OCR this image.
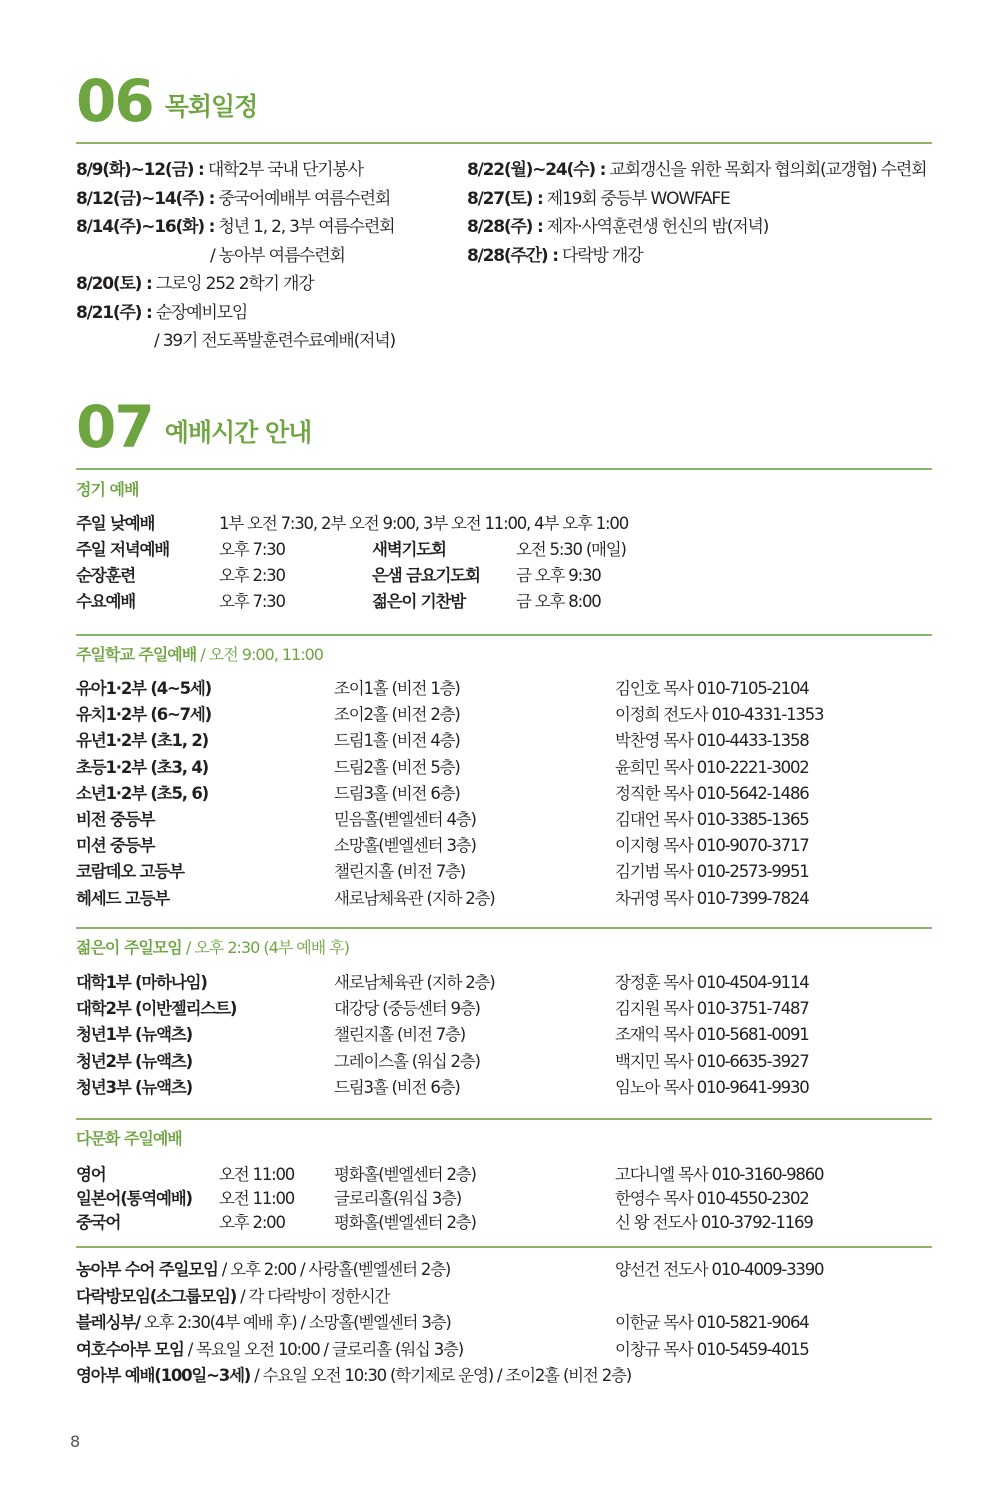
06 목회일정
8/9(화)~12(금) : 대학2부 국내 단기봉사
8/12(금)~14(주) : 중국어예배부 여름수련회
8/14(주)~16(화) : 청년 1, 2, 3부 여름수련회
/ 농아부 여름수련회
8/20(토) : 그로잉 252 2학기 개강
8/21(주) : 순장예비모임
/ 39기 전도폭발훈련수료예배(저녁)
8/22(월)~24(수) : 교회갱신을 위한 목회자 협의회(교갱협) 수련회
8/27(토) : 제19회 중등부 WOWFAFE
8/28(주) : 제자·사역훈련생 헌신의 밤(저녁)
8/28(주간) : 다락방 개강
07 예배시간 안내
정기 예배
주일 낮예배	1부 오전 7:30, 2부 오전 9:00, 3부 오전 11:00, 4부 오후 1:00
주일 저녁예배	오후 7:30	새벽기도회	오전 5:30 (매일)
순장훈련	오후 2:30	은샘 금요기도회 금 오후 9:30
수요예배	오후 7:30	젊은이 기찬밤	금 오후 8:00
주일학교 주일예배 / 오전 9:00, 11:00
유아1·2부 (4~5세)	조이1홀 (비전 1층)	김인호 목사 010-7105-2104
유치1·2부 (6~7세)	조이2홀 (비전 2층)	이정희 전도사 010-4331-1353
유년1·2부 (초1, 2)	드림1홀 (비전 4층)	박찬영 목사 010-4433-1358
초등1·2부 (초3, 4)	드림2홀 (비전 5층)	윤희민 목사 010-2221-3002
소년1·2부 (초5, 6)	드림3홀 (비전 6층)	정직한 목사 010-5642-1486
비전 중등부	믿음홀(벧엘센터 4층)	김대언 목사 010-3385-1365
미션 중등부	소망홀(벧엘센터 3층)	이지형 목사 010-9070-3717
코람데오 고등부	챌린지홀 (비전 7층)	김기범 목사 010-2573-9951
헤세드 고등부	새로남체육관 (지하 2층)	차귀영 목사 010-7399-7824
젊은이 주일모임 / 오후 2:30 (4부 예배 후)
대학1부 (마하나임)	새로남체육관 (지하 2층)	장정훈 목사 010-4504-9114
대학2부 (이반젤리스트)	대강당 (중등센터 9층)	김지원 목사 010-3751-7487
청년1부 (뉴액츠)	챌린지홀 (비전 7층)	조재익 목사 010-5681-0091
청년2부 (뉴액츠)	그레이스홀 (워십 2층)	백지민 목사 010-6635-3927
청년3부 (뉴액츠)	드림3홀 (비전 6층)	임노아 목사 010-9641-9930
다문화 주일예배
영어	오전 11:00 평화홀(벧엘센터 2층)	고다니엘 목사 010-3160-9860
일본어(통역예배) 오전 11:00 글로리홀(워십 3층)	한영수 목사 010-4550-2302
중국어	오후 2:00	평화홀(벧엘센터 2층)	신 왕 전도사 010-3792-1169
농아부 수어 주일모임 / 오후 2:00 / 사랑홀(벧엘센터 2층)	양선건 전도사 010-4009-3390
다락방모임(소그룹모임) / 각 다락방이 정한시간
블레싱부/ 오후 2:30(4부 예배 후) / 소망홀(벧엘센터 3층)	이한균 목사 010-5821-9064
여호수아부 모임 / 목요일 오전 10:00 / 글로리홀 (워십 3층)	이창규 목사 010-5459-4015
영아부 예배(100일~3세) / 수요일 오전 10:30 (학기제로 운영) / 조이2홀 (비전 2층)
8
